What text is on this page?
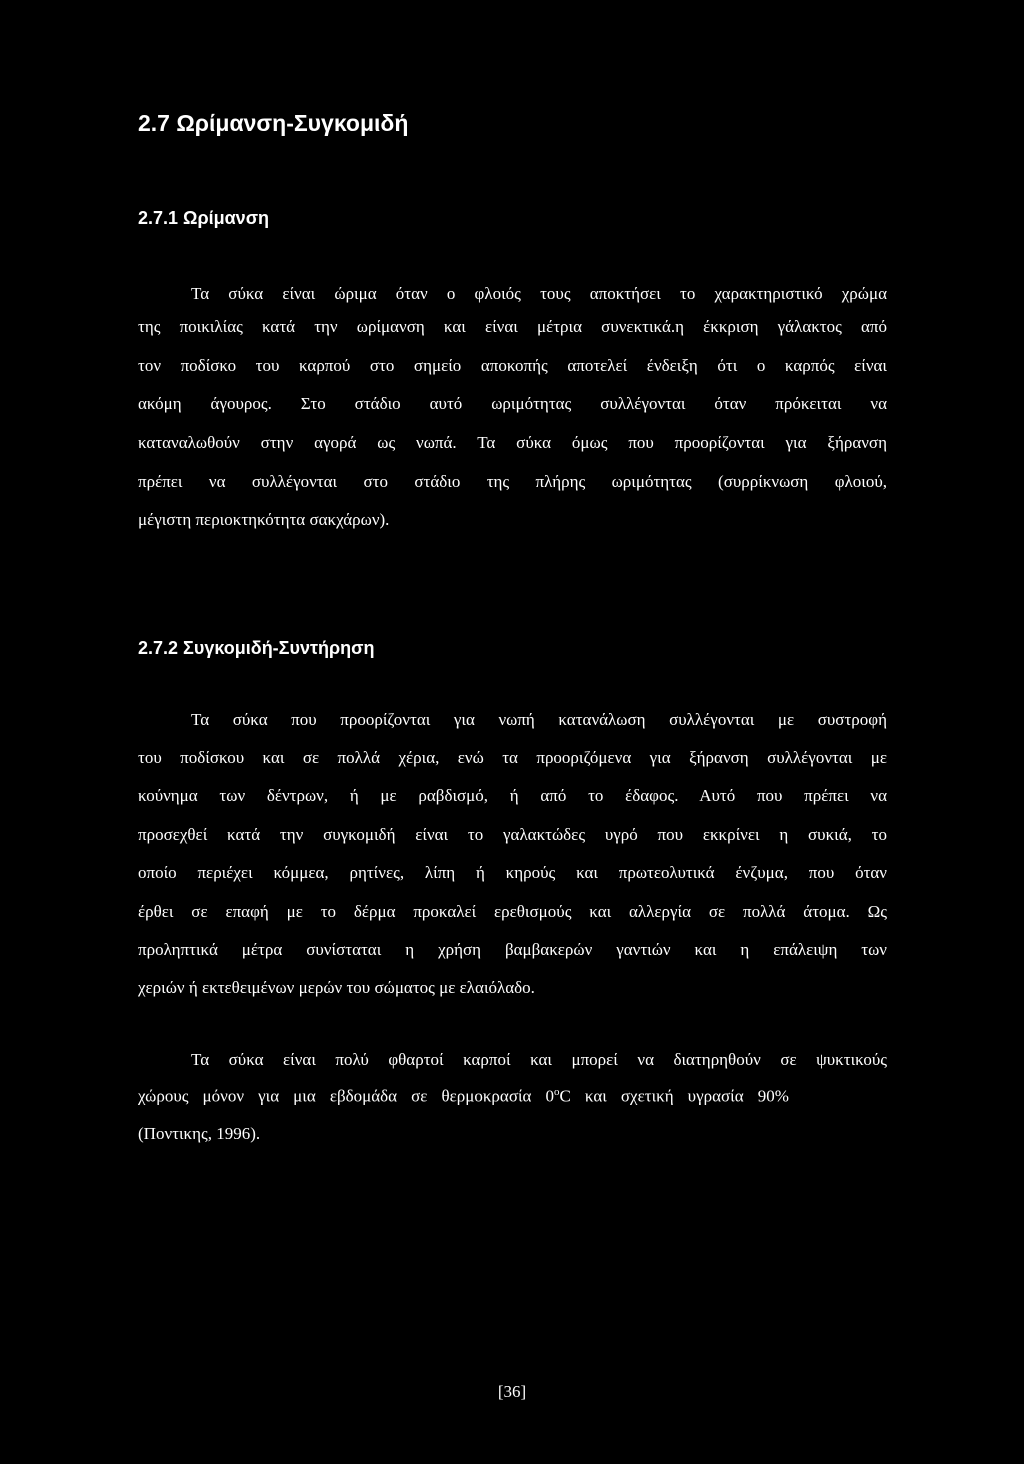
2.7 Ωρίμανση-Συγκομιδή
2.7.1 Ωρίμανση
Τα σύκα είναι ώριμα όταν ο φλοιός τους αποκτήσει το χαρακτηριστικό χρώμα
της ποικιλίας κατά την ωρίμανση και είναι μέτρια συνεκτικά.η έκκριση γάλακτος από
τον ποδίσκο του καρπού στο σημείο αποκοπής αποτελεί ένδειξη ότι ο καρπός είναι
ακόμη άγουρος. Στο στάδιο αυτό ωριμότητας συλλέγονται όταν πρόκειται να
καταναλωθούν στην αγορά ως νωπά. Τα σύκα όμως που προορίζονται για ξήρανση
πρέπει να συλλέγονται στο στάδιο της πλήρης ωριμότητας (συρρίκνωση φλοιού,
μέγιστη περιοκτηκότητα σακχάρων).
2.7.2 Συγκομιδή-Συντήρηση
Τα σύκα που προορίζονται για νωπή κατανάλωση συλλέγονται με συστροφή
του ποδίσκου και σε πολλά χέρια, ενώ τα προοριζόμενα για ξήρανση συλλέγονται με
κούνημα των δέντρων, ή με ραβδισμό, ή από το έδαφος. Αυτό που πρέπει να
προσεχθεί κατά την συγκομιδή είναι το γαλακτώδες υγρό που εκκρίνει η συκιά, το
οποίο περιέχει κόμμεα, ρητίνες, λίπη ή κηρούς και πρωτεολυτικά ένζυμα, που όταν
έρθει σε επαφή με το δέρμα προκαλεί ερεθισμούς και αλλεργία σε πολλά άτομα. Ως
προληπτικά μέτρα συνίσταται η χρήση βαμβακερών γαντιών και η επάλειψη των
χεριών ή εκτεθειμένων μερών του σώματος με ελαιόλαδο.
Τα σύκα είναι πολύ φθαρτοί καρποί και μπορεί να διατηρηθούν σε ψυκτικούς
χώρους μόνον για μια εβδομάδα σε θερμοκρασία 0$^o$C και σχετική υγρασία 90%
(Ποντικης, 1996).
[36]
